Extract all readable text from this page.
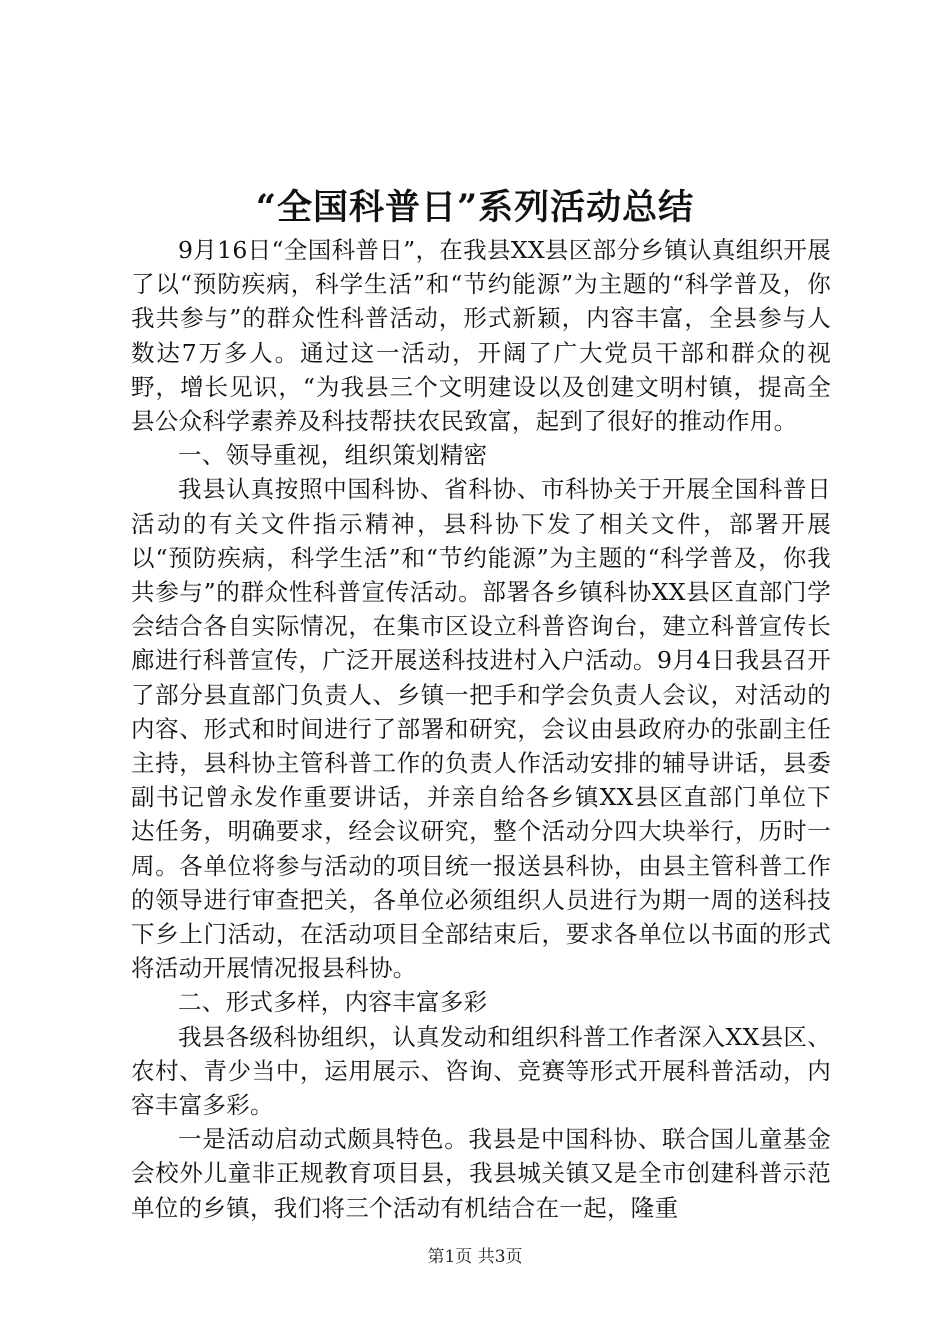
“全国科普日”系列活动总结

9月16日“全国科普日”，在我县XX县区部分乡镇认真组织开展了以“预防疾病，科学生活”和“节约能源”为主题的“科学普及，你我共参与”的群众性科普活动，形式新颖，内容丰富，全县参与人数达7万多人。通过这一活动，开阔了广大党员干部和群众的视野，增长见识，“为我县三个文明建设以及创建文明村镇，提高全县公众科学素养及科技帮扶农民致富，起到了很好的推动作用。

一、领导重视，组织策划精密

我县认真按照中国科协、省科协、市科协关于开展全国科普日活动的有关文件指示精神，县科协下发了相关文件，部署开展以“预防疾病，科学生活”和“节约能源”为主题的“科学普及，你我共参与”的群众性科普宣传活动。部署各乡镇科协XX县区直部门学会结合各自实际情况，在集市区设立科普咨询台，建立科普宣传长廊进行科普宣传，广泛开展送科技进村入户活动。9月4日我县召开了部分县直部门负责人、乡镇一把手和学会负责人会议，对活动的内容、形式和时间进行了部署和研究，会议由县政府办的张副主任主持，县科协主管科普工作的负责人作活动安排的辅导讲话，县委副书记曾永发作重要讲话，并亲自给各乡镇XX县区直部门单位下达任务，明确要求，经会议研究，整个活动分四大块举行，历时一周。各单位将参与活动的项目统一报送县科协，由县主管科普工作的领导进行审查把关，各单位必须组织人员进行为期一周的送科技下乡上门活动，在活动项目全部结束后，要求各单位以书面的形式将活动开展情况报县科协。

二、形式多样，内容丰富多彩

我县各级科协组织，认真发动和组织科普工作者深入XX县区、农村、青少当中，运用展示、咨询、竞赛等形式开展科普活动，内容丰富多彩。

一是活动启动式颇具特色。我县是中国科协、联合国儿童基金会校外儿童非正规教育项目县，我县城关镇又是全市创建科普示范单位的乡镇，我们将三个活动有机结合在一起，隆重

第1页 共3页
